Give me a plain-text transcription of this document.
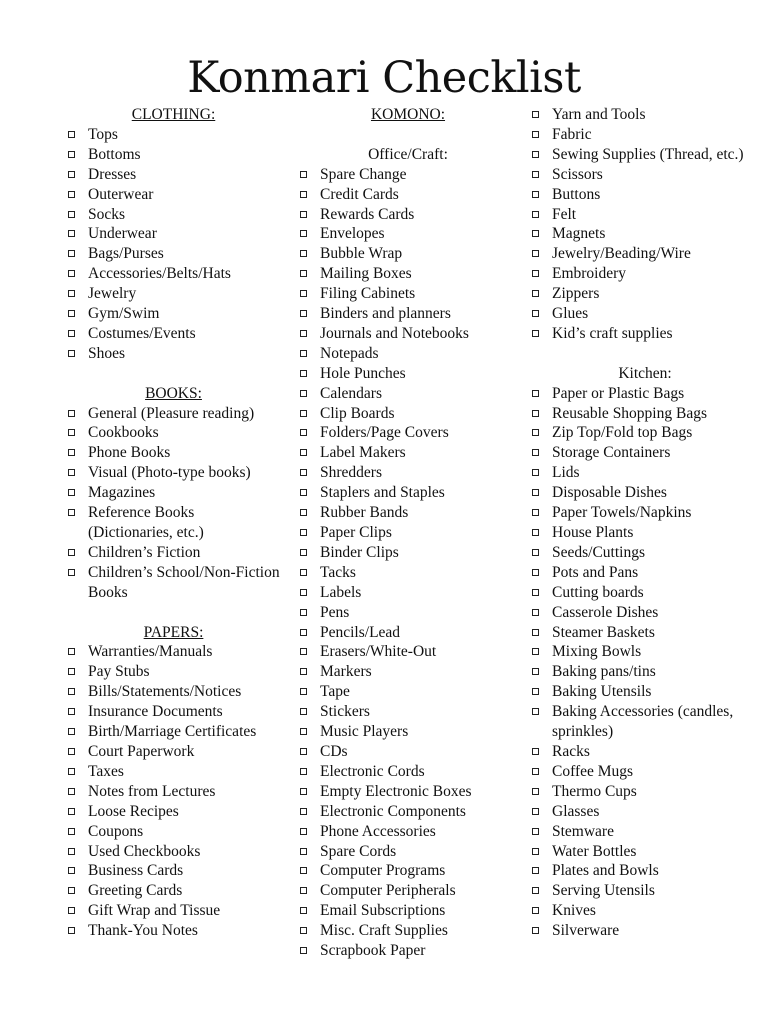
Konmari Checklist
CLOTHING:
Tops
Bottoms
Dresses
Outerwear
Socks
Underwear
Bags/Purses
Accessories/Belts/Hats
Jewelry
Gym/Swim
Costumes/Events
Shoes
BOOKS:
General (Pleasure reading)
Cookbooks
Phone Books
Visual (Photo-type books)
Magazines
Reference Books (Dictionaries, etc.)
Children’s Fiction
Children’s School/Non-Fiction Books
PAPERS:
Warranties/Manuals
Pay Stubs
Bills/Statements/Notices
Insurance Documents
Birth/Marriage Certificates
Court Paperwork
Taxes
Notes from Lectures
Loose Recipes
Coupons
Used Checkbooks
Business Cards
Greeting Cards
Gift Wrap and Tissue
Thank-You Notes
KOMONO:
Office/Craft:
Spare Change
Credit Cards
Rewards Cards
Envelopes
Bubble Wrap
Mailing Boxes
Filing Cabinets
Binders and planners
Journals and Notebooks
Notepads
Hole Punches
Calendars
Clip Boards
Folders/Page Covers
Label Makers
Shredders
Staplers and Staples
Rubber Bands
Paper Clips
Binder Clips
Tacks
Labels
Pens
Pencils/Lead
Erasers/White-Out
Markers
Tape
Stickers
Music Players
CDs
Electronic Cords
Empty Electronic Boxes
Electronic Components
Phone Accessories
Spare Cords
Computer Programs
Computer Peripherals
Email Subscriptions
Misc. Craft Supplies
Scrapbook Paper
Yarn and Tools
Fabric
Sewing Supplies (Thread, etc.)
Scissors
Buttons
Felt
Magnets
Jewelry/Beading/Wire
Embroidery
Zippers
Glues
Kid’s craft supplies
Kitchen:
Paper or Plastic Bags
Reusable Shopping Bags
Zip Top/Fold top Bags
Storage Containers
Lids
Disposable Dishes
Paper Towels/Napkins
House Plants
Seeds/Cuttings
Pots and Pans
Cutting boards
Casserole Dishes
Steamer Baskets
Mixing Bowls
Baking pans/tins
Baking Utensils
Baking Accessories (candles, sprinkles)
Racks
Coffee Mugs
Thermo Cups
Glasses
Stemware
Water Bottles
Plates and Bowls
Serving Utensils
Knives
Silverware
